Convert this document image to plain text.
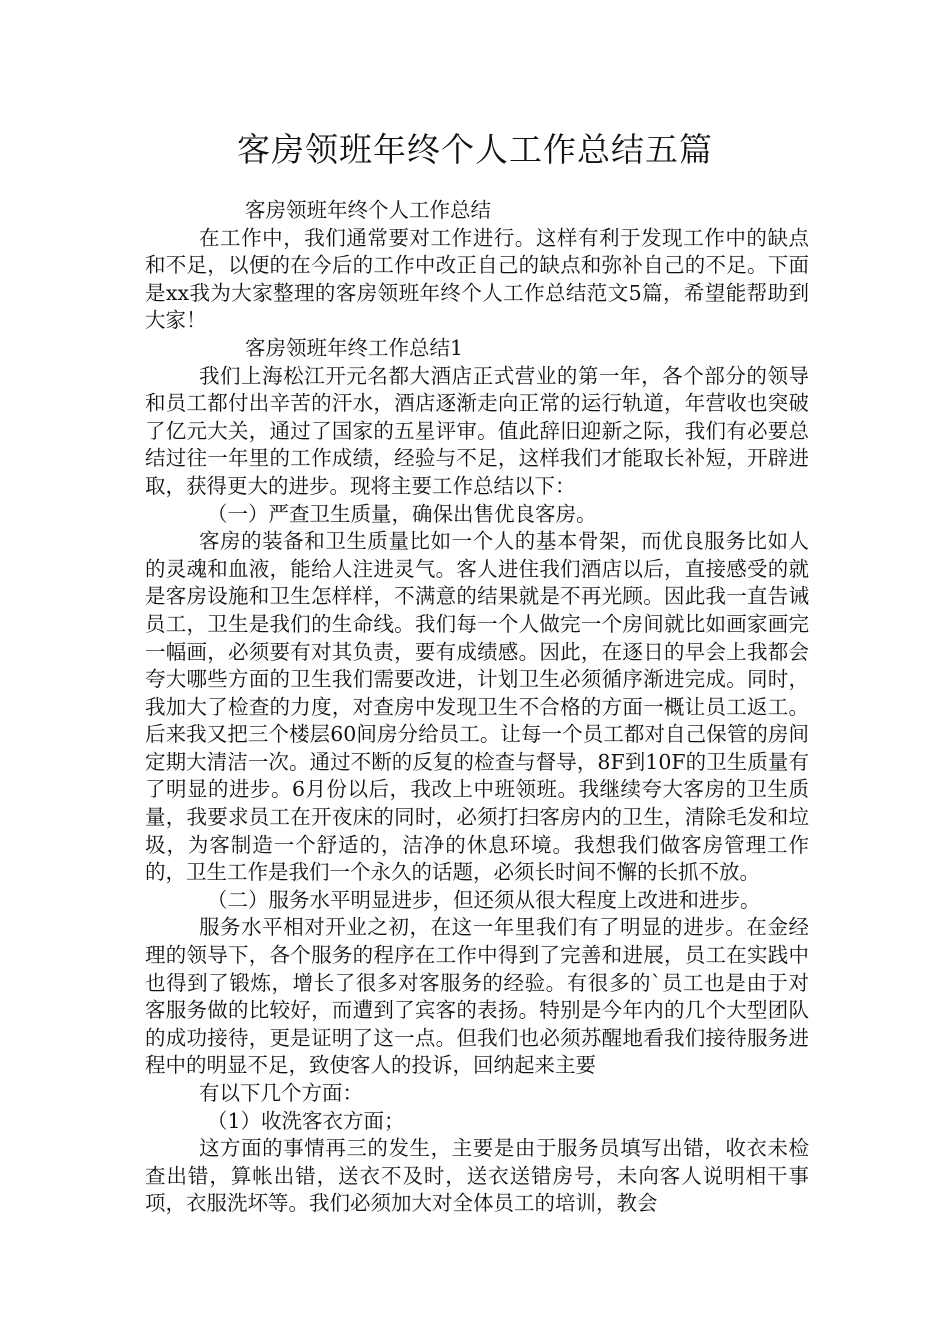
客房领班年终个人工作总结五篇

客房领班年终个人工作总结

在工作中，我们通常要对工作进行。这样有利于发现工作中的缺点和不足，以便的在今后的工作中改正自己的缺点和弥补自己的不足。下面是xx我为大家整理的客房领班年终个人工作总结范文5篇，希望能帮助到大家！

客房领班年终工作总结1

我们上海松江开元名都大酒店正式营业的第一年，各个部分的领导和员工都付出辛苦的汗水，酒店逐渐走向正常的运行轨道，年营收也突破了亿元大关，通过了国家的五星评审。值此辞旧迎新之际，我们有必要总结过往一年里的工作成绩，经验与不足，这样我们才能取长补短，开辟进取，获得更大的进步。现将主要工作总结以下：

（一）严查卫生质量，确保出售优良客房。

客房的装备和卫生质量比如一个人的基本骨架，而优良服务比如人的灵魂和血液，能给人注进灵气。客人进住我们酒店以后，直接感受的就是客房设施和卫生怎样样，不满意的结果就是不再光顾。因此我一直告诫员工，卫生是我们的生命线。我们每一个人做完一个房间就比如画家画完一幅画，必须要有对其负责，要有成绩感。因此，在逐日的早会上我都会夸大哪些方面的卫生我们需要改进，计划卫生必须循序渐进完成。同时，我加大了检查的力度，对查房中发现卫生不合格的方面一概让员工返工。后来我又把三个楼层60间房分给员工。让每一个员工都对自己保管的房间定期大清洁一次。通过不断的反复的检查与督导，8F到10F的卫生质量有了明显的进步。6月份以后，我改上中班领班。我继续夸大客房的卫生质量，我要求员工在开夜床的同时，必须打扫客房内的卫生，清除毛发和垃圾，为客制造一个舒适的，洁净的休息环境。我想我们做客房管理工作的，卫生工作是我们一个永久的话题，必须长时间不懈的长抓不放。

（二）服务水平明显进步，但还须从很大程度上改进和进步。

服务水平相对开业之初，在这一年里我们有了明显的进步。在金经理的领导下，各个服务的程序在工作中得到了完善和进展，员工在实践中也得到了锻炼，增长了很多对客服务的经验。有很多的`员工也是由于对客服务做的比较好，而遭到了宾客的表扬。特别是今年内的几个大型团队的成功接待，更是证明了这一点。但我们也必须苏醒地看我们接待服务进程中的明显不足，致使客人的投诉，回纳起来主要

有以下几个方面：

（1）收洗客衣方面；

这方面的事情再三的发生，主要是由于服务员填写出错，收衣未检查出错，算帐出错，送衣不及时，送衣送错房号，未向客人说明相干事项，衣服洗坏等。我们必须加大对全体员工的培训，教会
